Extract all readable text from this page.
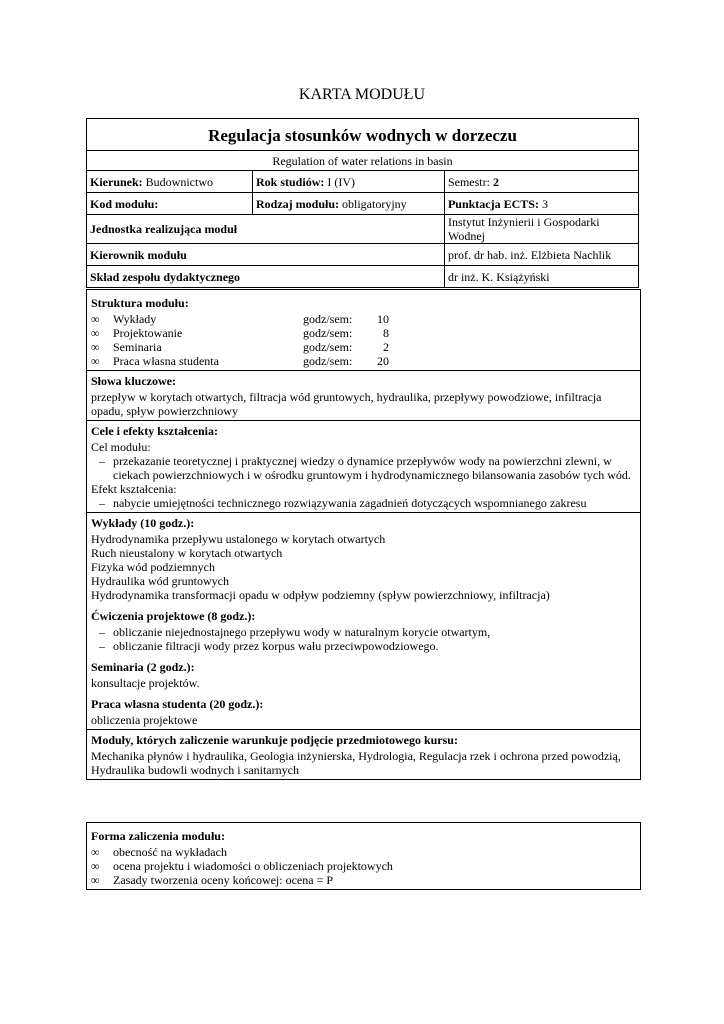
KARTA MODUŁU
Regulacja stosunków wodnych w dorzeczu		
Regulation of water relations in basin		
Kierunek: Budownictwo	Rok studiów: I (IV)	Semestr: 2
Kod modułu:	Rodzaj modułu: obligatoryjny	Punktacja ECTS: 3
Jednostka realizująca moduł		Instytut Inżynierii i Gospodarki Wodnej
Kierownik modułu		prof. dr hab. inż. Elżbieta Nachlik
Skład zespołu dydaktycznego		dr inż. K. Książyński
Struktura modułu:
∞	Wykłady	godz/sem:	10
∞	Projektowanie	godz/sem:	8
∞	Seminaria	godz/sem:	2
∞	Praca własna studenta	godz/sem:	20
Słowa kluczowe:
przepływ w korytach otwartych, filtracja wód gruntowych, hydraulika, przepływy powodziowe, infiltracja opadu, spływ powierzchniowy
Cele i efekty kształcenia:
Cel modułu:
– przekazanie teoretycznej i praktycznej wiedzy o dynamice przepływów wody na powierzchni zlewni, w ciekach powierzchniowych i w ośrodku gruntowym i hydrodynamicznego bilansowania zasobów tych wód.
Efekt kształcenia:
– nabycie umiejętności technicznego rozwiązywania zagadnień dotyczących wspomnianego zakresu
Wykłady (10 godz.):
Hydrodynamika przepływu ustalonego w korytach otwartych
Ruch nieustalony w korytach otwartych
Fizyka wód podziemnych
Hydraulika wód gruntowych
Hydrodynamika transformacji opadu w odpływ podziemny (spływ powierzchniowy, infiltracja)
Ćwiczenia projektowe (8 godz.):
– obliczanie niejednostajnego przepływu wody w naturalnym korycie otwartym,
– obliczanie filtracji wody przez korpus wału przeciwpowodziowego.
Seminaria (2 godz.):
konsultacje projektów.
Praca własna studenta (20 godz.):
obliczenia projektowe
Moduły, których zaliczenie warunkuje podjęcie przedmiotowego kursu:
Mechanika płynów i hydraulika, Geologia inżynierska, Hydrologia, Regulacja rzek i ochrona przed powodzią, Hydraulika budowli wodnych i sanitarnych
Forma zaliczenia modułu:
∞	obecność na wykładach
∞	ocena projektu i wiadomości o obliczeniach projektowych
∞	Zasady tworzenia oceny końcowej: ocena = P
